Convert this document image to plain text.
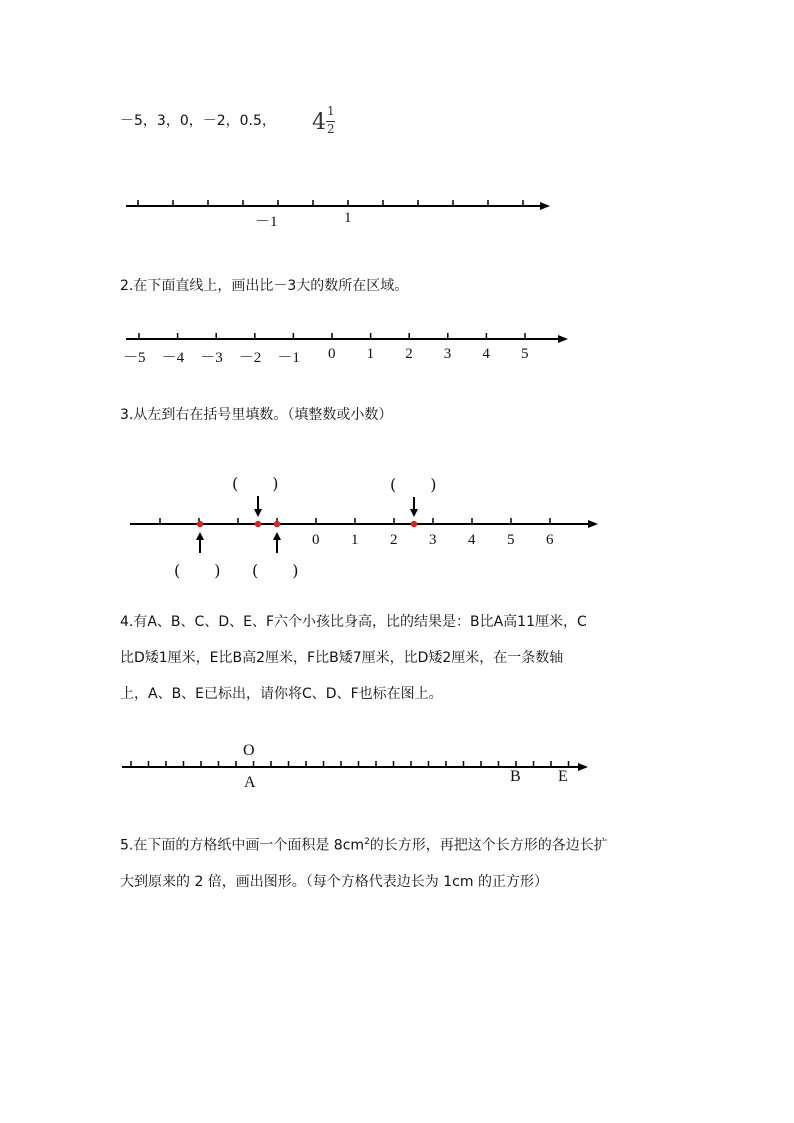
－5，3，0，－2，0.5， 4 1
2
－1	1
2.在下面直线上，画出比－3大的数所在区域。
－5 －4 －3 －2 －1 0 1 2 3 4 5
3.从左到右在括号里填数。（填整数或小数）
0 1 2 3 4 5 6
( )	( )
( ) ( )
4.有A、B、C、D、E、F六个小孩比身高，比的结果是：B比A高11厘米，C
比D矮1厘米，E比B高2厘米，F比B矮7厘米，比D矮2厘米，在一条数轴
上，A、B、E已标出，请你将C、D、F也标在图上。
O
A	B E
5.在下面的方格纸中画一个面积是 $8cm^2$的长方形，再把这个长方形的各边长扩
大到原来的 2 倍，画出图形。（每个方格代表边长为 1cm 的正方形）
